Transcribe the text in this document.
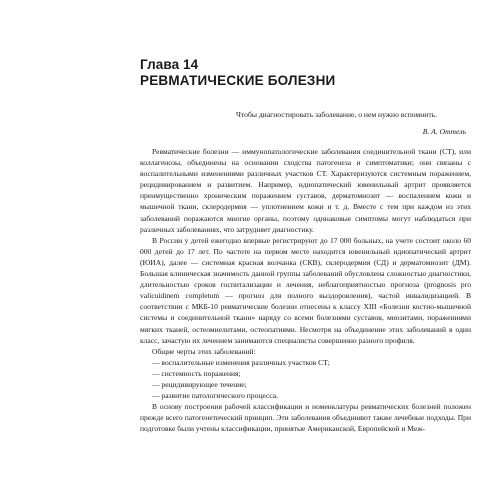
Глава 14
РЕВМАТИЧЕСКИЕ БОЛЕЗНИ

Чтобы диагностировать заболевание, о нем нужно вспомнить.

В. А. Оттель

Ревматические болезни — иммунопатологические заболевания соединительной ткани (СТ), или коллагенозы, объединены на основании сходства патогенеза и симптоматики; они связаны с воспалительными изменениями различных участков СТ. Характеризуются системным поражением, рецидивированием и развитием. Например, идиопатический ювенильный артрит проявляется преимущественно хроническим поражением суставов, дерматомиозит — воспалением кожи и мышечной ткани, склеродермия — уплотнением кожи и т. д. Вместе с тем при каждом из этих заболеваний поражаются многие органы, поэтому одинаковые симптомы могут наблюдаться при различных заболеваниях, что затрудняет диагностику.

В России у детей ежегодно впервые регистрируют до 17 000 больных, на учете состоит около 60 000 детей до 17 лет. По частоте на первом месте находится ювенильный идиопатический артрит (ЮИА), далее — системная красная волчанка (СКВ), склеродермия (СД) и дерматомиозит (ДМ). Большая клиническая значимость данной группы заболеваний обусловлена сложностью диагностики, длительностью сроков госпитализации и лечения, неблагоприятностью прогноза (prognosis pro valicuidinem completum — прогноз для полного выздоровления), частой инвалидизацией. В соответствии с МКБ-10 ревматические болезни отнесены к классу XIII «Болезни костно-мышечной системы и соединительной ткани» наряду со всеми болезнями суставов, миозитами, поражениями мягких тканей, остеомиелитами, остеопатиями. Несмотря на объединение этих заболеваний в один класс, зачастую их лечением занимаются специалисты совершенно разного профиля.

Общие черты этих заболеваний:

— воспалительные изменения различных участков СТ;

— системность поражения;

— рецидивирующее течение;

— развитие патологического процесса.

В основу построения рабочей классификации и номенклатуры ревматических болезней положен прежде всего патогенетический принцип. Эти заболевания объединяют также лечебные подходы. При подготовке были учтены классификации, принятые Американской, Европейской и Меж-
